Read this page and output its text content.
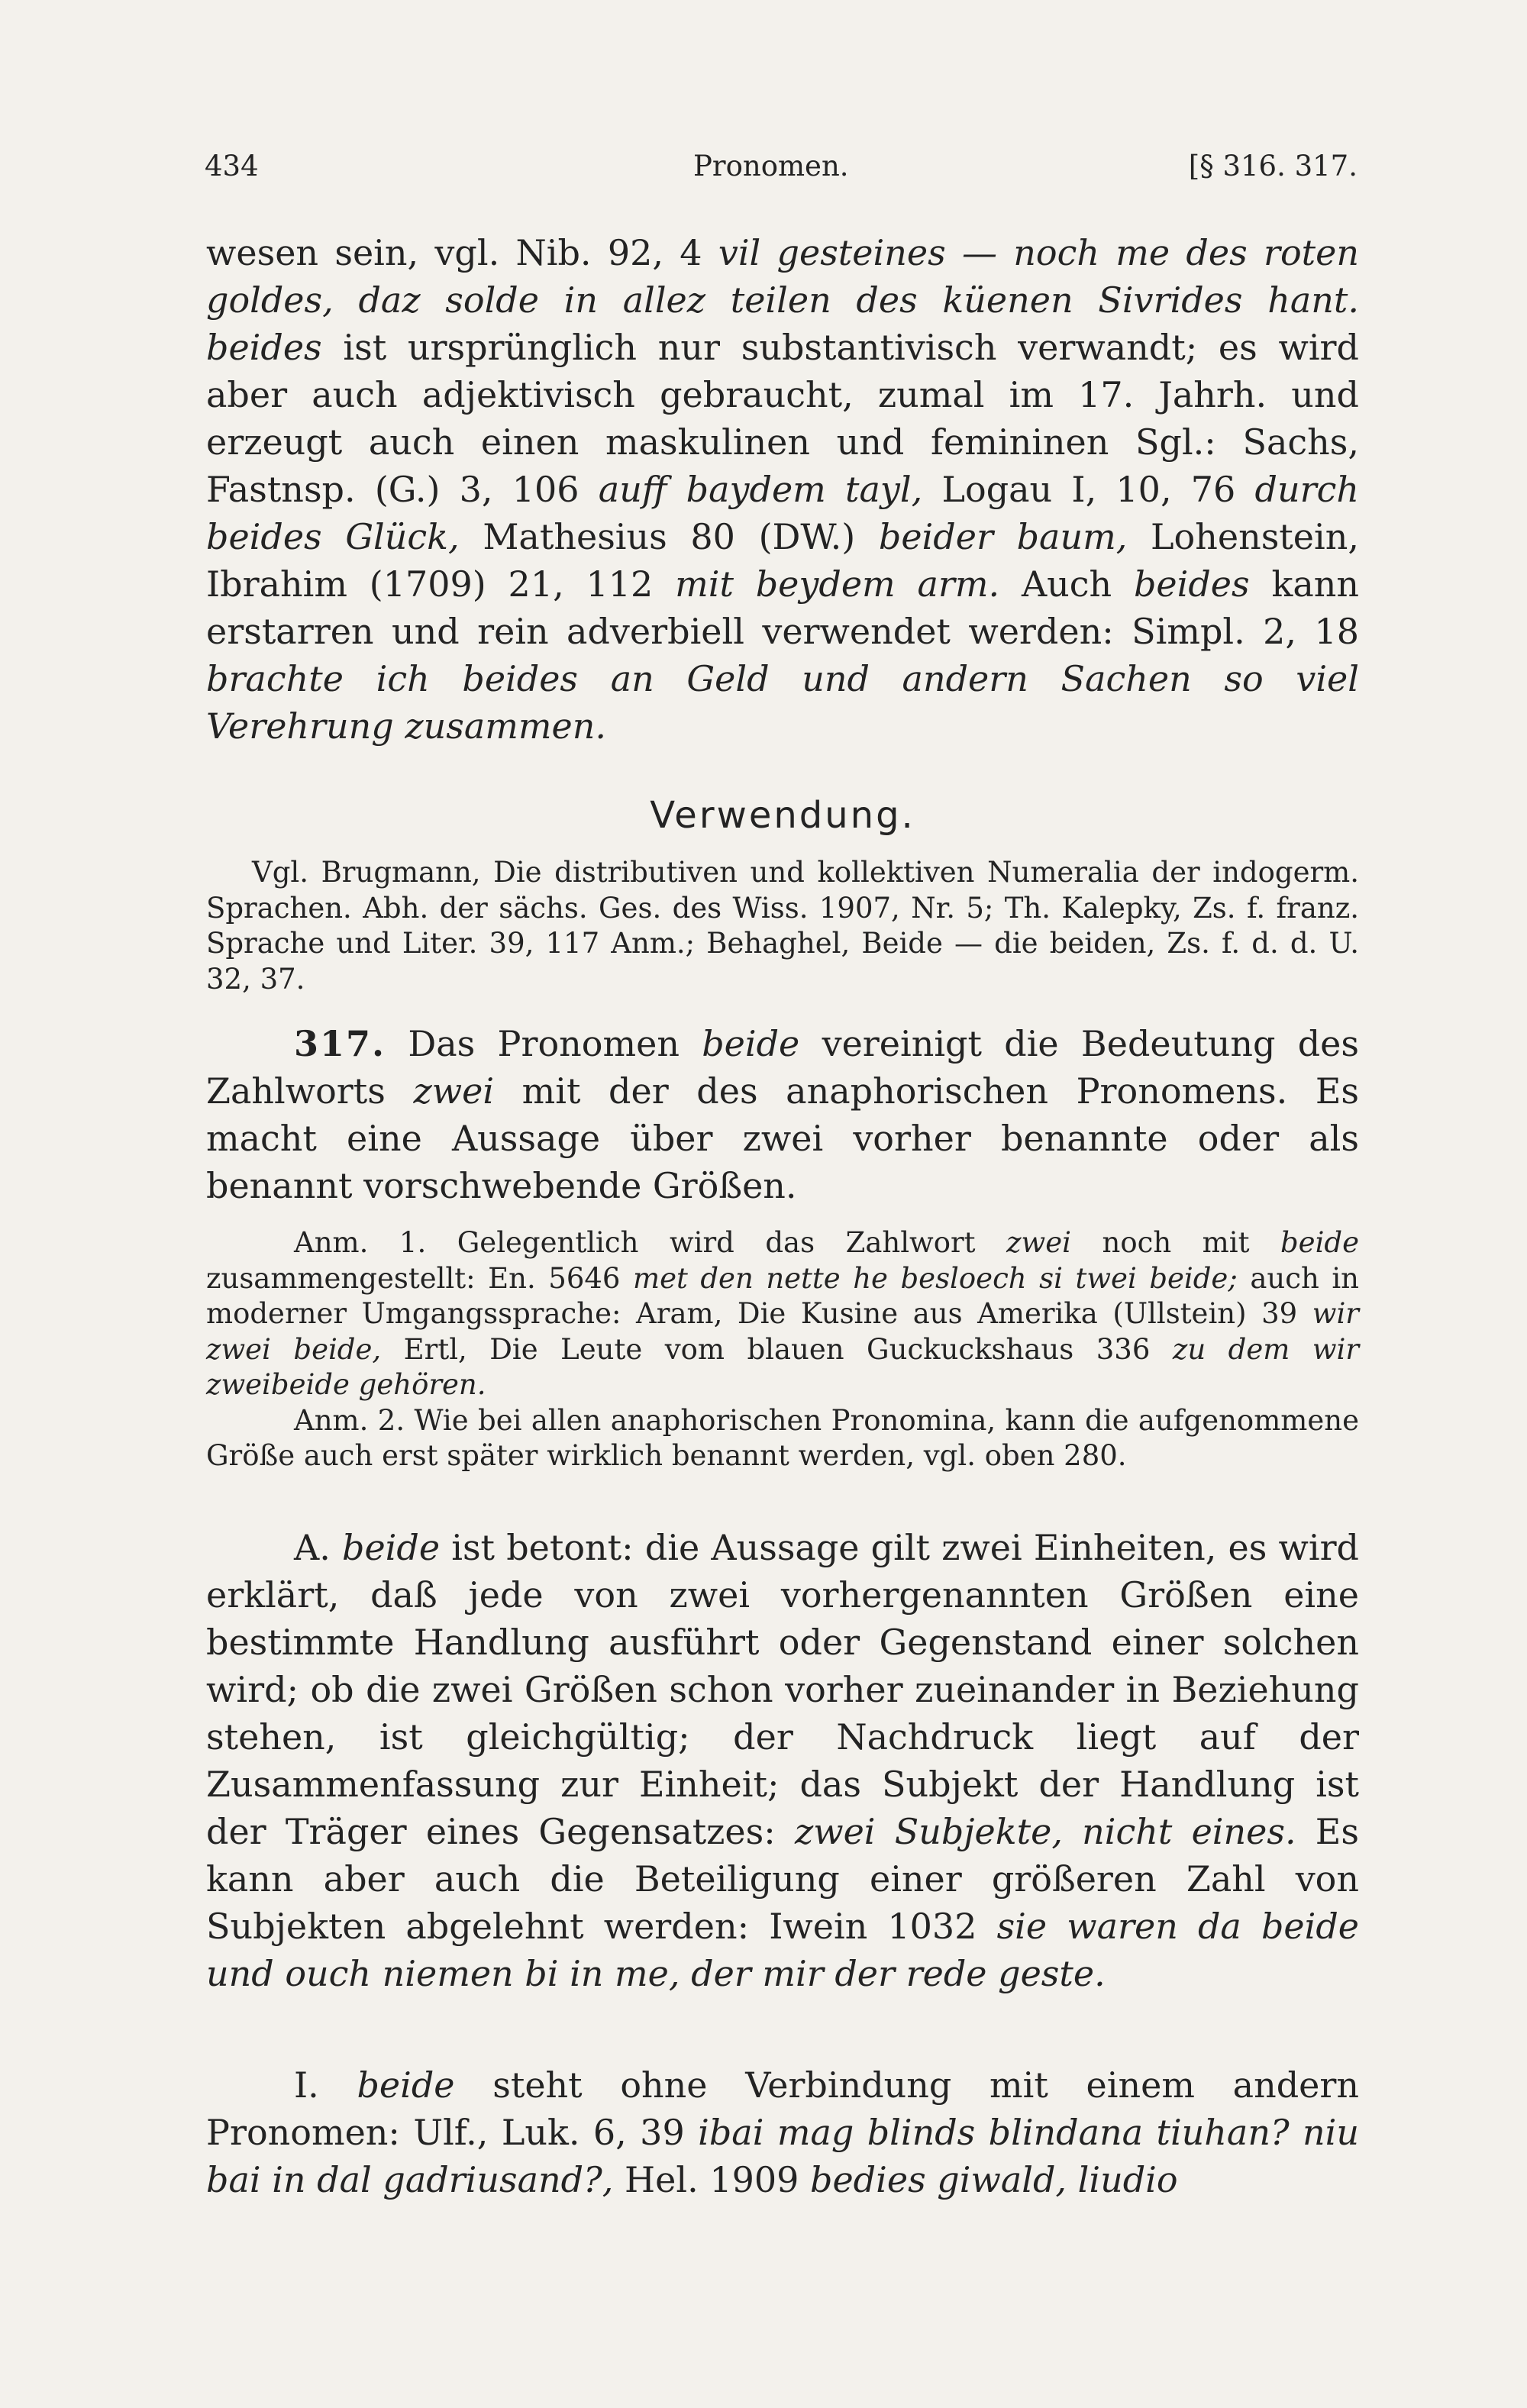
434	Pronomen.	[§ 316. 317.

wesen sein, vgl. Nib. 92, 4 vil gesteines — noch me des roten goldes, daz solde in allez teilen des küenen Sivrides hant. beides ist ursprünglich nur substantivisch verwandt; es wird aber auch adjektivisch gebraucht, zumal im 17. Jahrh. und erzeugt auch einen maskulinen und femininen Sgl.: Sachs, Fastnsp. (G.) 3, 106 auff baydem tayl, Logau I, 10, 76 durch beides Glück, Mathesius 80 (DW.) beider baum, Lohenstein, Ibrahim (1709) 21, 112 mit beydem arm. Auch beides kann erstarren und rein adverbiell verwendet werden: Simpl. 2, 18 brachte ich beides an Geld und andern Sachen so viel Verehrung zusammen.

Verwendung.

Vgl. Brugmann, Die distributiven und kollektiven Numeralia der indogerm. Sprachen. Abh. der sächs. Ges. des Wiss. 1907, Nr. 5; Th. Kalepky, Zs. f. franz. Sprache und Liter. 39, 117 Anm.; Behaghel, Beide — die beiden, Zs. f. d. d. U. 32, 37.

317. Das Pronomen beide vereinigt die Bedeutung des Zahlworts zwei mit der des anaphorischen Pronomens. Es macht eine Aussage über zwei vorher benannte oder als benannt vorschwebende Größen.

Anm. 1. Gelegentlich wird das Zahlwort zwei noch mit beide zusammengestellt: En. 5646 met den nette he besloech si twei beide; auch in moderner Umgangssprache: Aram, Die Kusine aus Amerika (Ullstein) 39 wir zwei beide, Ertl, Die Leute vom blauen Guckuckshaus 336 zu dem wir zweibeide gehören.

Anm. 2. Wie bei allen anaphorischen Pronomina, kann die aufgenommene Größe auch erst später wirklich benannt werden, vgl. oben 280.

A. beide ist betont: die Aussage gilt zwei Einheiten, es wird erklärt, daß jede von zwei vorhergenannten Größen eine bestimmte Handlung ausführt oder Gegenstand einer solchen wird; ob die zwei Größen schon vorher zueinander in Beziehung stehen, ist gleichgültig; der Nachdruck liegt auf der Zusammenfassung zur Einheit; das Subjekt der Handlung ist der Träger eines Gegensatzes: zwei Subjekte, nicht eines. Es kann aber auch die Beteiligung einer größeren Zahl von Subjekten abgelehnt werden: Iwein 1032 sie waren da beide und ouch niemen bi in me, der mir der rede geste.

I. beide steht ohne Verbindung mit einem andern Pronomen: Ulf., Luk. 6, 39 ibai mag blinds blindana tiuhan? niu bai in dal gadriusand?, Hel. 1909 bedies giwald, liudio
